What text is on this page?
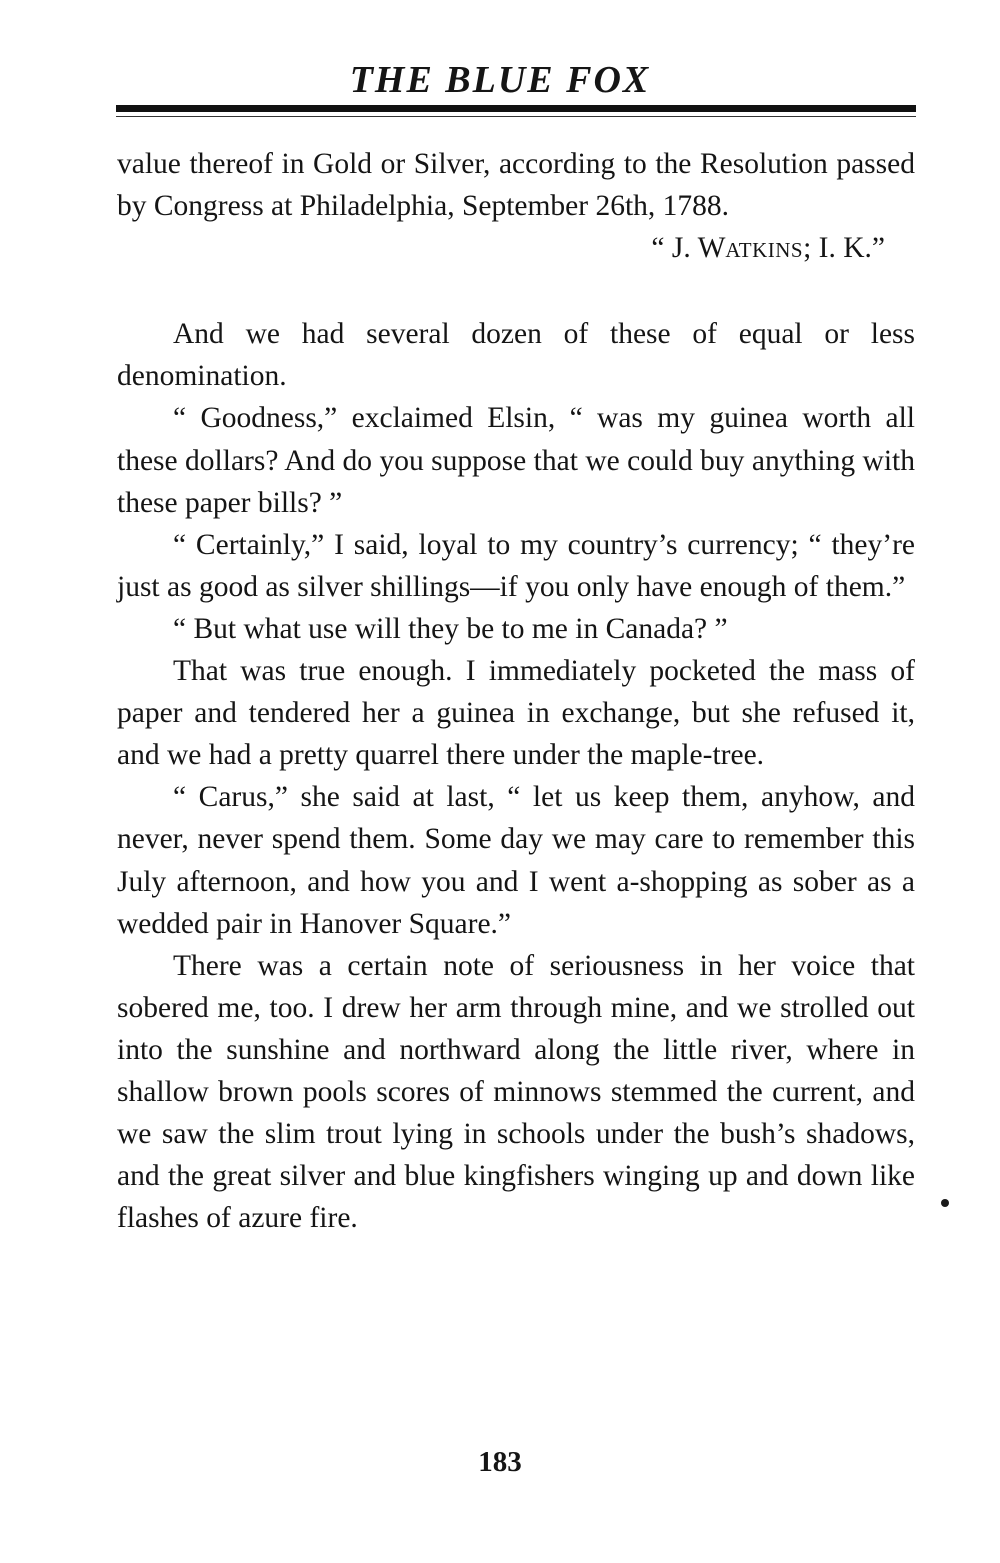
THE BLUE FOX

value thereof in Gold or Silver, according to the Resolution passed by Congress at Philadelphia, September 26th, 1788.

“ J. WATKINS; I. K.”

And we had several dozen of these of equal or less denomination.

“ Goodness,” exclaimed Elsin, “ was my guinea worth all these dollars? And do you suppose that we could buy anything with these paper bills? ”

“ Certainly,” I said, loyal to my country’s currency; “ they’re just as good as silver shillings—if you only have enough of them.”

“ But what use will they be to me in Canada? ”

That was true enough. I immediately pocketed the mass of paper and tendered her a guinea in exchange, but she refused it, and we had a pretty quarrel there under the maple-tree.

“ Carus,” she said at last, “ let us keep them, anyhow, and never, never spend them. Some day we may care to remember this July afternoon, and how you and I went a-shopping as sober as a wedded pair in Hanover Square.”

There was a certain note of seriousness in her voice that sobered me, too. I drew her arm through mine, and we strolled out into the sunshine and northward along the little river, where in shallow brown pools scores of minnows stemmed the current, and we saw the slim trout lying in schools under the bush’s shadows, and the great silver and blue kingfishers winging up and down like flashes of azure fire.

183
